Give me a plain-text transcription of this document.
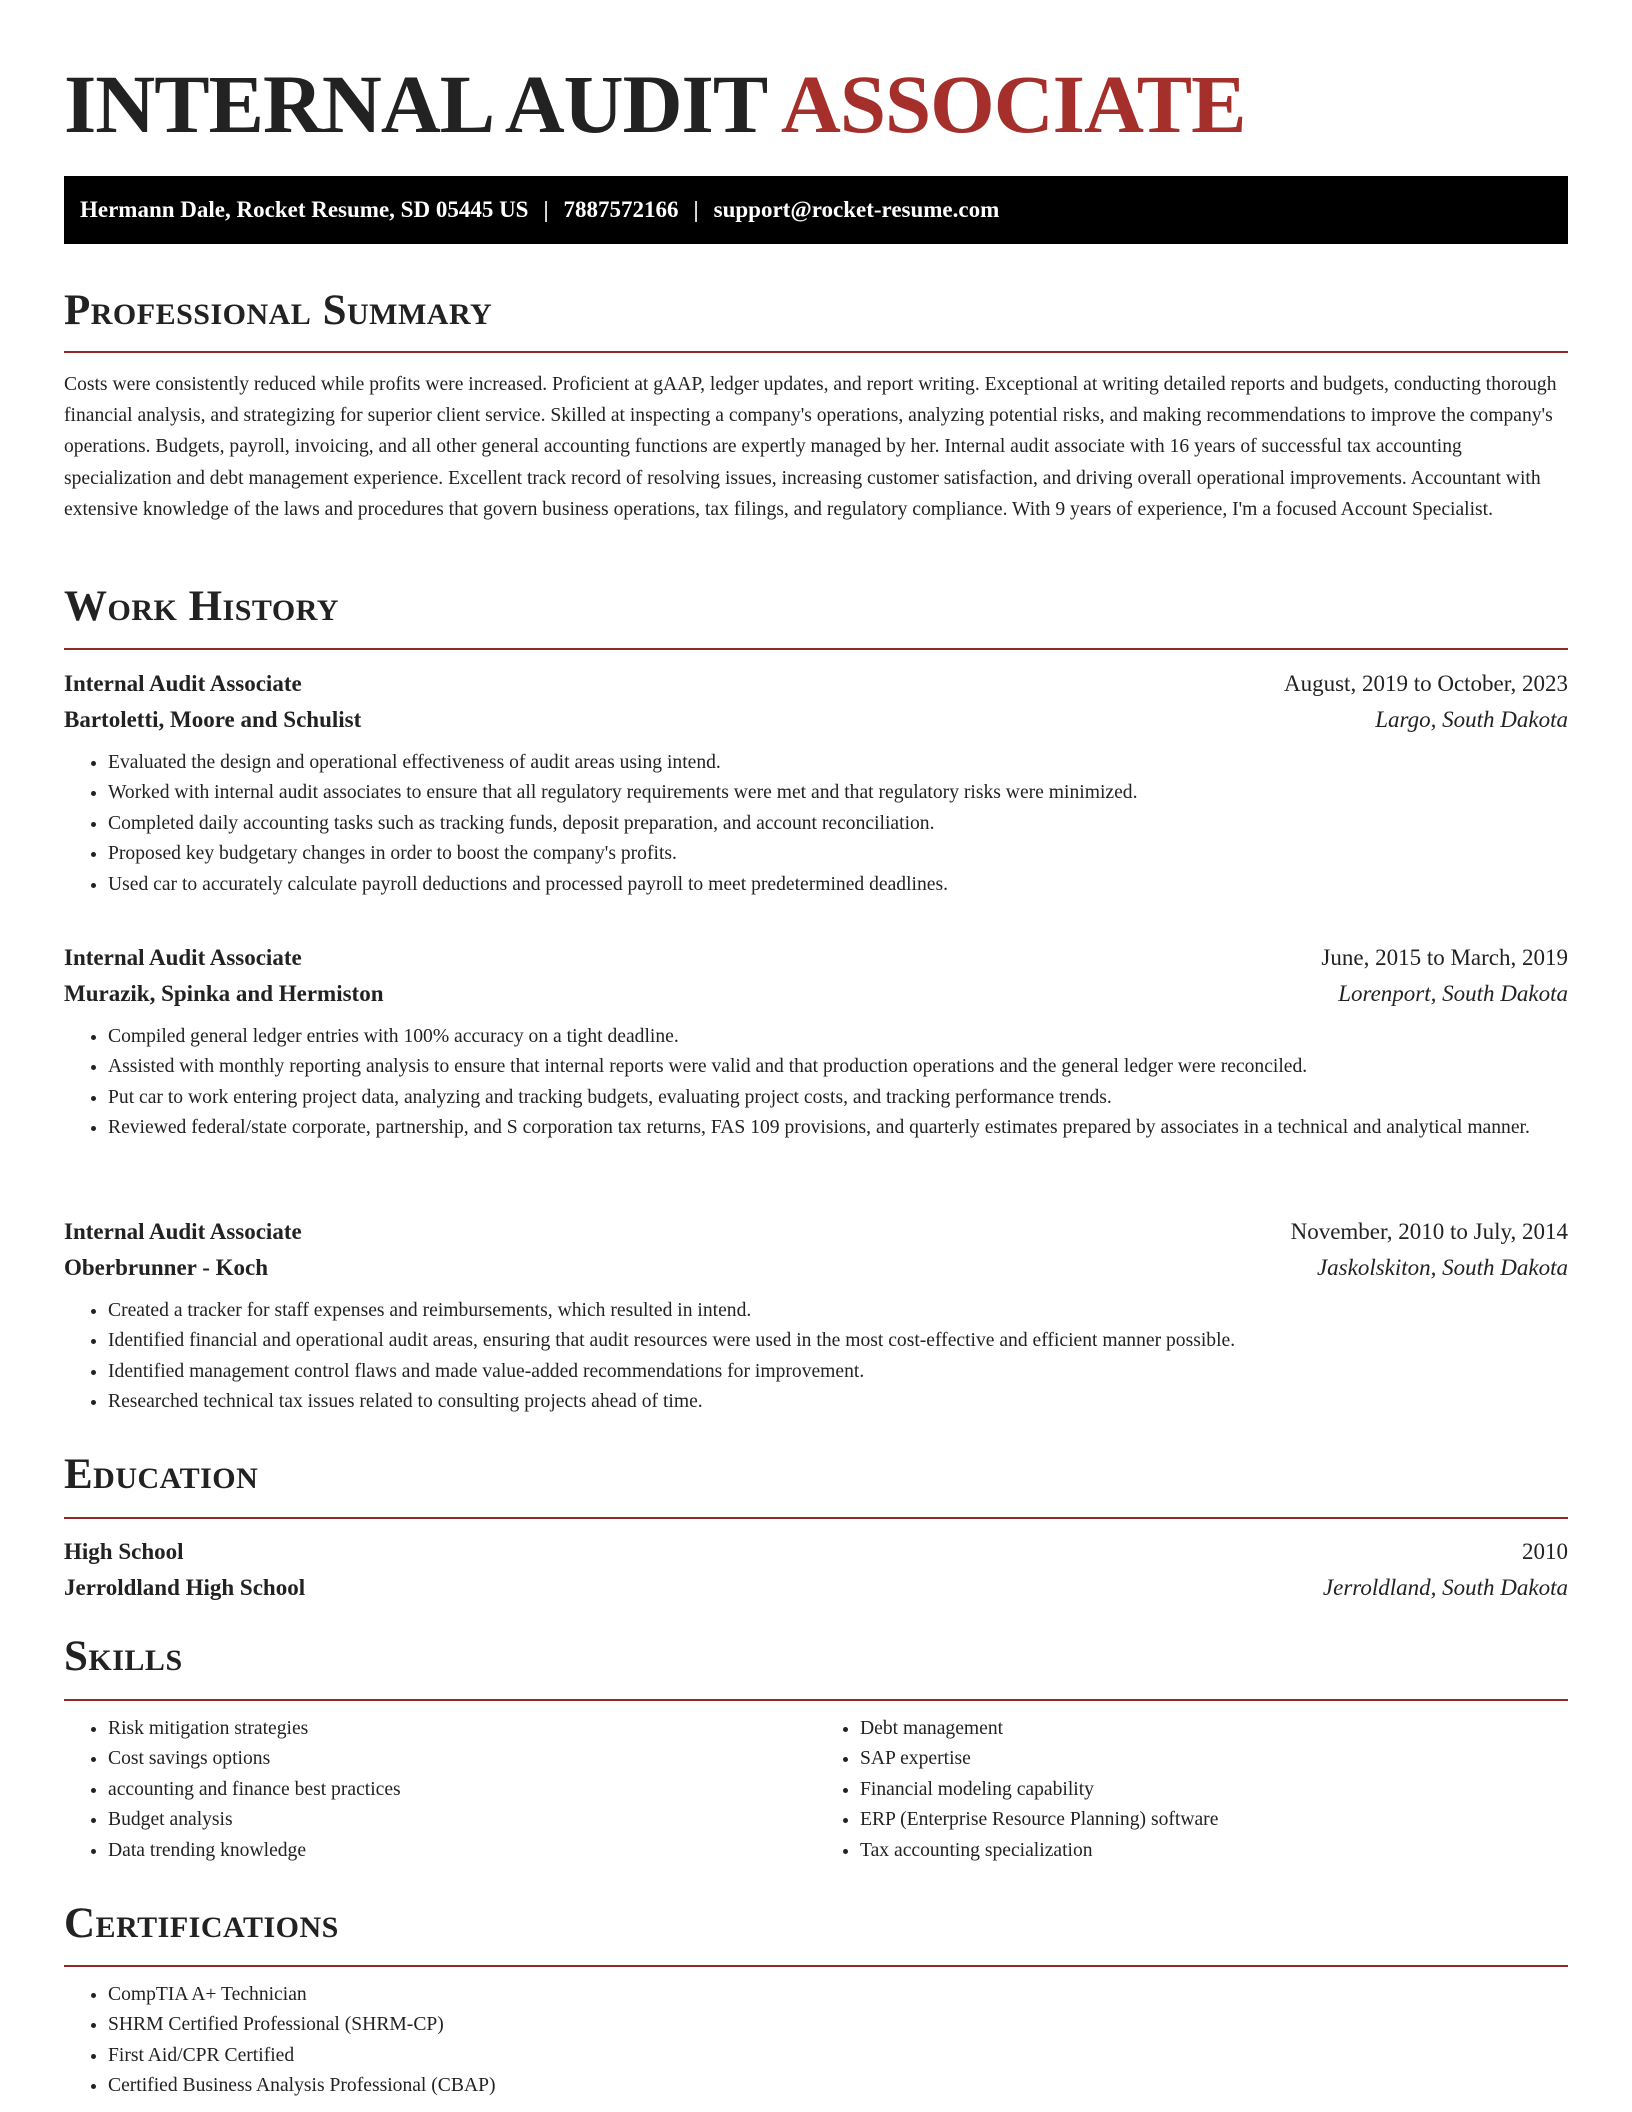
INTERNAL AUDIT ASSOCIATE
Hermann Dale, Rocket Resume, SD 05445 US | 7887572166 | support@rocket-resume.com
Professional Summary

Costs were consistently reduced while profits were increased. Proficient at gAAP, ledger updates, and report writing. Exceptional at writing detailed reports and budgets, conducting thorough financial analysis, and strategizing for superior client service. Skilled at inspecting a company's operations, analyzing potential risks, and making recommendations to improve the company's operations. Budgets, payroll, invoicing, and all other general accounting functions are expertly managed by her. Internal audit associate with 16 years of successful tax accounting specialization and debt management experience. Excellent track record of resolving issues, increasing customer satisfaction, and driving overall operational improvements. Accountant with extensive knowledge of the laws and procedures that govern business operations, tax filings, and regulatory compliance. With 9 years of experience, I'm a focused Account Specialist.

Work History
Internal Audit Associate	August, 2019 to October, 2023
Bartoletti, Moore and Schulist	Largo, South Dakota
• Evaluated the design and operational effectiveness of audit areas using intend.
• Worked with internal audit associates to ensure that all regulatory requirements were met and that regulatory risks were minimized.
• Completed daily accounting tasks such as tracking funds, deposit preparation, and account reconciliation.
• Proposed key budgetary changes in order to boost the company's profits.
• Used car to accurately calculate payroll deductions and processed payroll to meet predetermined deadlines.
Internal Audit Associate	June, 2015 to March, 2019
Murazik, Spinka and Hermiston	Lorenport, South Dakota
• Compiled general ledger entries with 100% accuracy on a tight deadline.
• Assisted with monthly reporting analysis to ensure that internal reports were valid and that production operations and the general ledger were reconciled.
• Put car to work entering project data, analyzing and tracking budgets, evaluating project costs, and tracking performance trends.
• Reviewed federal/state corporate, partnership, and S corporation tax returns, FAS 109 provisions, and quarterly estimates prepared by associates in a technical and analytical manner.
Internal Audit Associate	November, 2010 to July, 2014
Oberbrunner - Koch	Jaskolskiton, South Dakota
• Created a tracker for staff expenses and reimbursements, which resulted in intend.
• Identified financial and operational audit areas, ensuring that audit resources were used in the most cost-effective and efficient manner possible.
• Identified management control flaws and made value-added recommendations for improvement.
• Researched technical tax issues related to consulting projects ahead of time.
Education
High School	2010
Jerroldland High School	Jerroldland, South Dakota
Skills
• Risk mitigation strategies
• Cost savings options
• accounting and finance best practices
• Budget analysis
• Data trending knowledge
• Debt management
• SAP expertise
• Financial modeling capability
• ERP (Enterprise Resource Planning) software
• Tax accounting specialization
Certifications
• CompTIA A+ Technician
• SHRM Certified Professional (SHRM-CP)
• First Aid/CPR Certified
• Certified Business Analysis Professional (CBAP)
